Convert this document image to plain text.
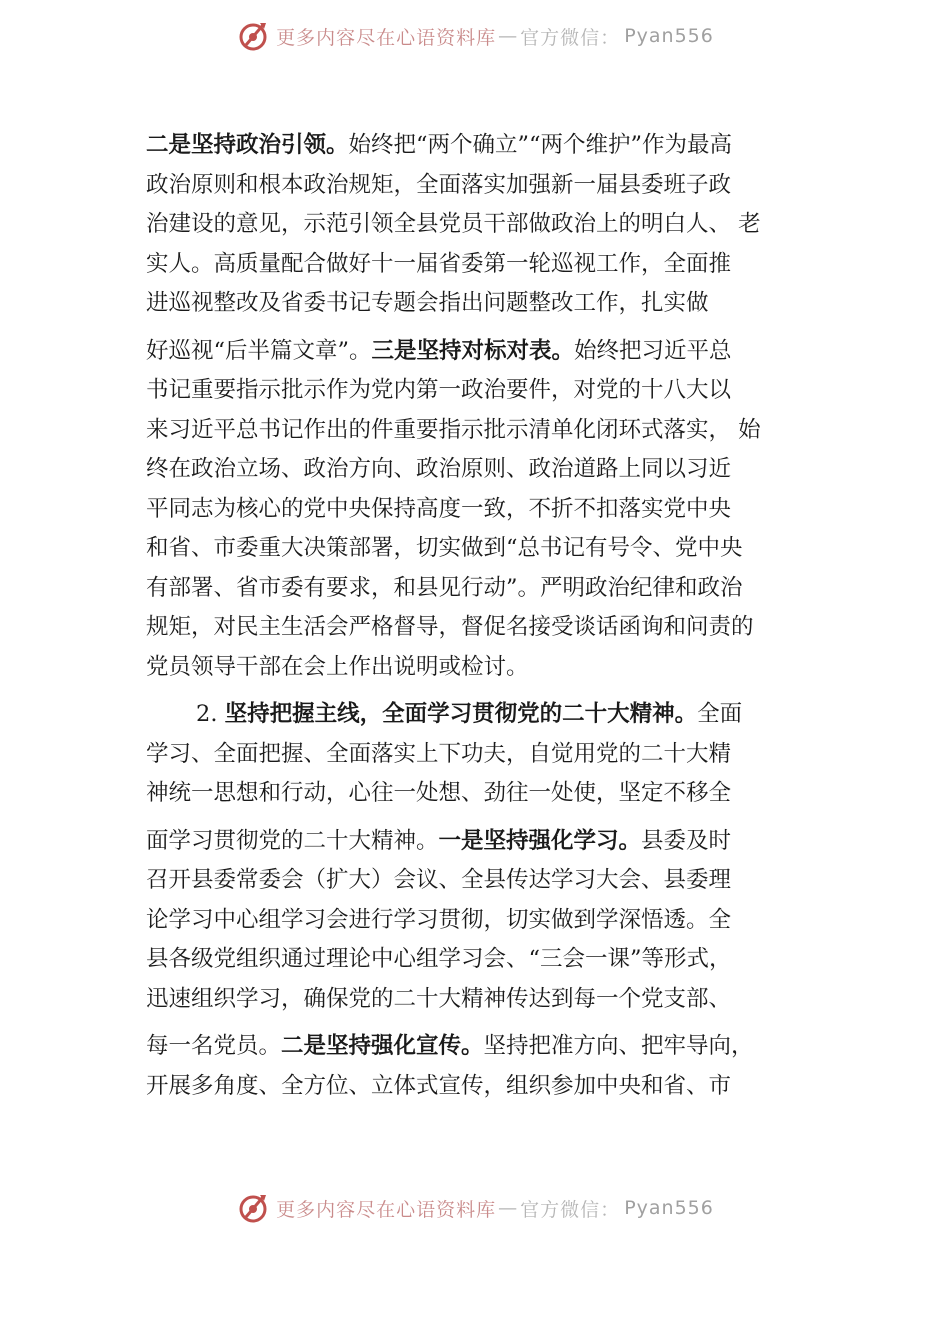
更多内容尽在心语资料库 — 官方微信： Pyan556
二是坚持政治引领。始终把“两个确立”“两个维护”作为最高
政治原则和根本政治规矩，全面落实加强新一届县委班子政
治建设的意见，示范引领全县党员干部做政治上的明白人、 老
实人。高质量配合做好十一届省委第一轮巡视工作，全面推
进巡视整改及省委书记专题会指出问题整改工作，扎实做
好巡视“后半篇文章”。三是坚持对标对表。始终把习近平总
书记重要指示批示作为党内第一政治要件，对党的十八大以
来习近平总书记作出的件重要指示批示清单化闭环式落实， 始
终在政治立场、政治方向、政治原则、政治道路上同以习近
平同志为核心的党中央保持高度一致，不折不扣落实党中央
和省、市委重大决策部署，切实做到“总书记有号令、党中央
有部署、省市委有要求，和县见行动”。严明政治纪律和政治
规矩，对民主生活会严格督导，督促名接受谈话函询和问责的
党员领导干部在会上作出说明或检讨。
2. 坚持把握主线，全面学习贯彻党的二十大精神。全面
学习、全面把握、全面落实上下功夫，自觉用党的二十大精
神统一思想和行动，心往一处想、劲往一处使，坚定不移全
面学习贯彻党的二十大精神。一是坚持强化学习。县委及时
召开县委常委会（扩大）会议、全县传达学习大会、县委理
论学习中心组学习会进行学习贯彻，切实做到学深悟透。全
县各级党组织通过理论中心组学习会、“三会一课”等形式，
迅速组织学习，确保党的二十大精神传达到每一个党支部、
每一名党员。二是坚持强化宣传。坚持把准方向、把牢导向，
开展多角度、全方位、立体式宣传，组织参加中央和省、市
更多内容尽在心语资料库 — 官方微信： Pyan556
